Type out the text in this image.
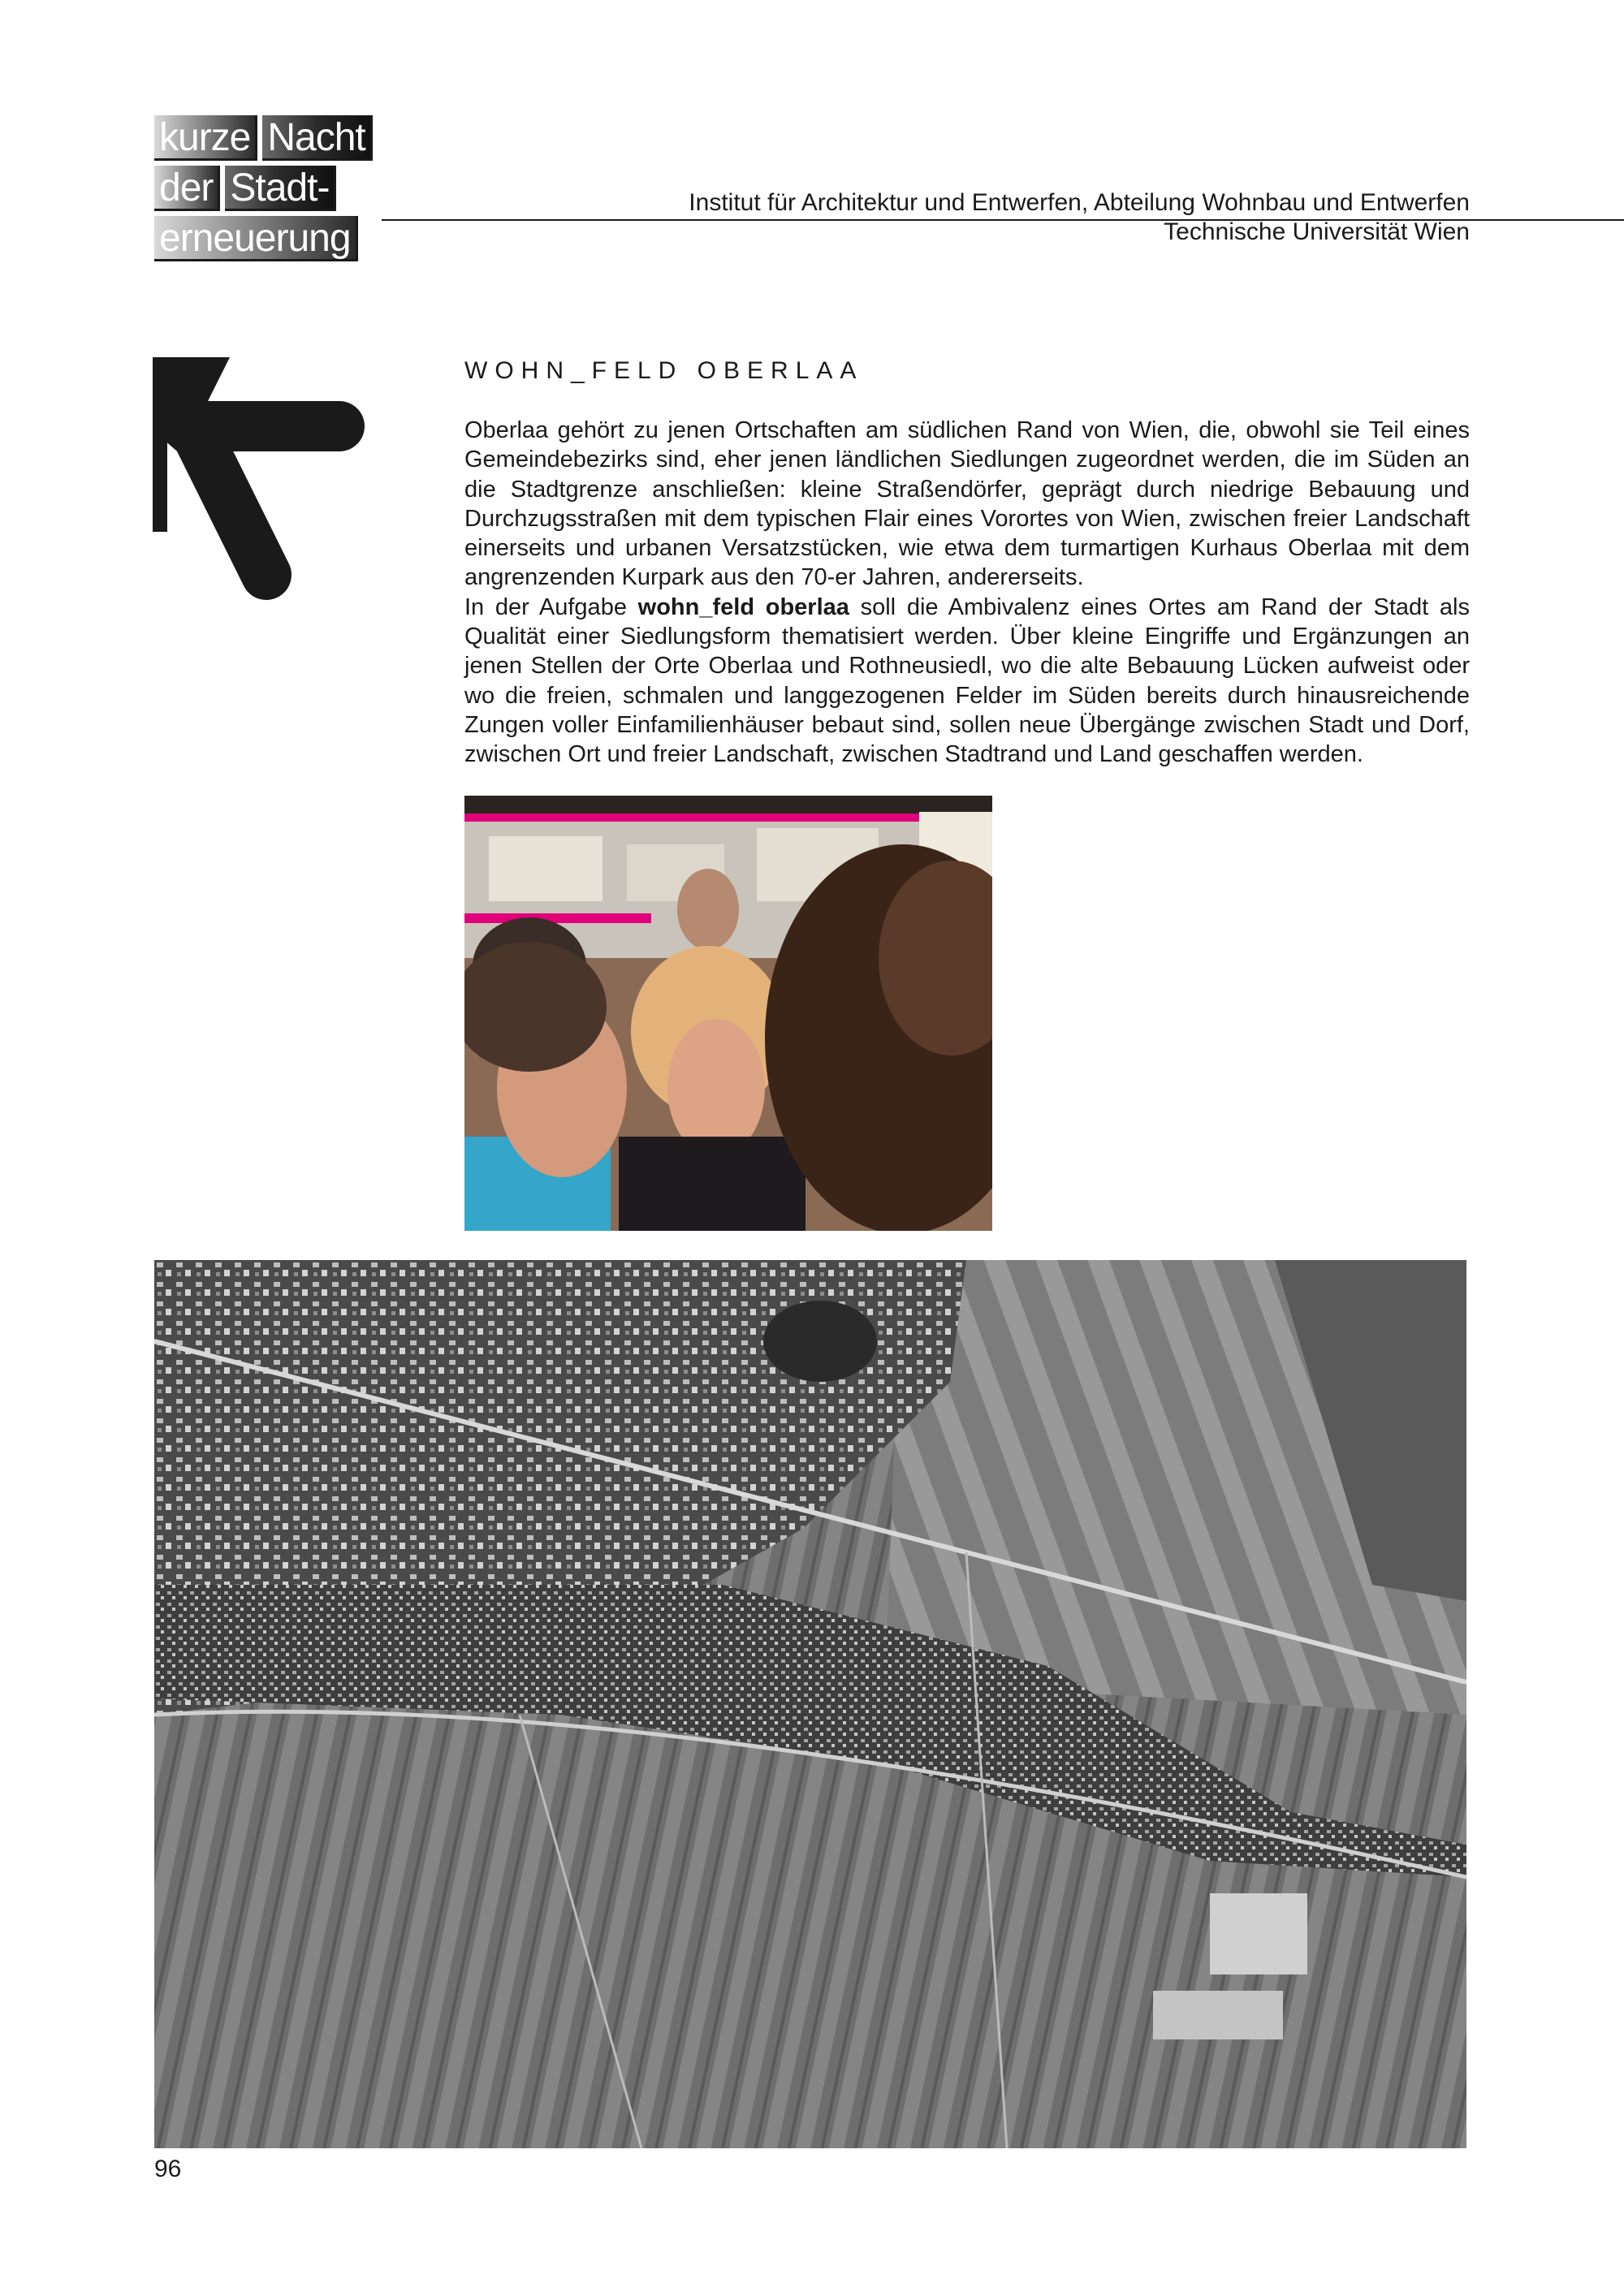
kurze Nacht
der Stadt-
erneuerung
Institut für Architektur und Entwerfen, Abteilung Wohnbau und Entwerfen
Technische Universität Wien
WOHN_FELD OBERLAA

Oberlaa gehört zu jenen Ortschaften am südlichen Rand von Wien, die, obwohl sie Teil eines Gemeindebezirks sind, eher jenen ländlichen Siedlungen zugeordnet werden, die im Süden an die Stadtgrenze anschließen: kleine Straßendörfer, geprägt durch niedrige Bebauung und Durchzugsstraßen mit dem typischen Flair eines Vorortes von Wien, zwischen freier Landschaft einerseits und urbanen Versatzstücken, wie etwa dem turmartigen Kurhaus Oberlaa mit dem angrenzenden Kurpark aus den 70-er Jahren, andererseits.

In der Aufgabe wohn_feld oberlaa soll die Ambivalenz eines Ortes am Rand der Stadt als Qualität einer Siedlungsform thematisiert werden. Über kleine Eingriffe und Ergänzungen an jenen Stellen der Orte Oberlaa und Rothneusiedl, wo die alte Bebauung Lücken aufweist oder wo die freien, schmalen und langgezogenen Felder im Süden bereits durch hinausreichende Zungen voller Einfamilienhäuser bebaut sind, sollen neue Übergänge zwischen Stadt und Dorf, zwischen Ort und freier Landschaft, zwischen Stadtrand und Land geschaffen werden.

96
